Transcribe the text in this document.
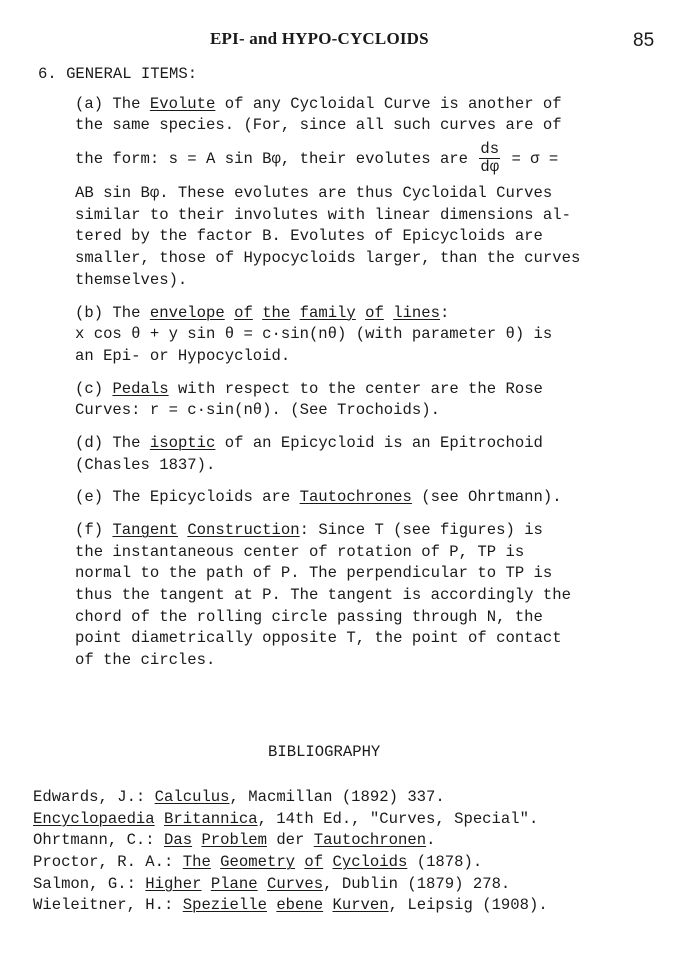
EPI- and HYPO-CYCLOIDS	85
6. GENERAL ITEMS:
(a) The Evolute of any Cycloidal Curve is another of
the same species. (For, since all such curves are of
the form: s = A sin Bφ, their evolutes are $\frac{ds}{d\varphi} = \sigma$ =
AB sin Bφ. These evolutes are thus Cycloidal Curves
similar to their involutes with linear dimensions al-
tered by the factor B. Evolutes of Epicycloids are
smaller, those of Hypocycloids larger, than the curves
themselves).
(b) The envelope of the family of lines:
x cos θ + y sin θ = c·sin(nθ) (with parameter θ) is
an Epi- or Hypocycloid.
(c) Pedals with respect to the center are the Rose
Curves: r = c·sin(nθ). (See Trochoids).
(d) The isoptic of an Epicycloid is an Epitrochoid
(Chasles 1837).
(e) The Epicycloids are Tautochrones (see Ohrtmann).
(f) Tangent Construction: Since T (see figures) is
the instantaneous center of rotation of P, TP is
normal to the path of P. The perpendicular to TP is
thus the tangent at P. The tangent is accordingly the
chord of the rolling circle passing through N, the
point diametrically opposite T, the point of contact
of the circles.
BIBLIOGRAPHY
Edwards, J.: Calculus, Macmillan (1892) 337.
Encyclopaedia Britannica, 14th Ed., "Curves, Special".
Ohrtmann, C.: Das Problem der Tautochronen.
Proctor, R. A.: The Geometry of Cycloids (1878).
Salmon, G.: Higher Plane Curves, Dublin (1879) 278.
Wieleitner, H.: Spezielle ebene Kurven, Leipsig (1908).
